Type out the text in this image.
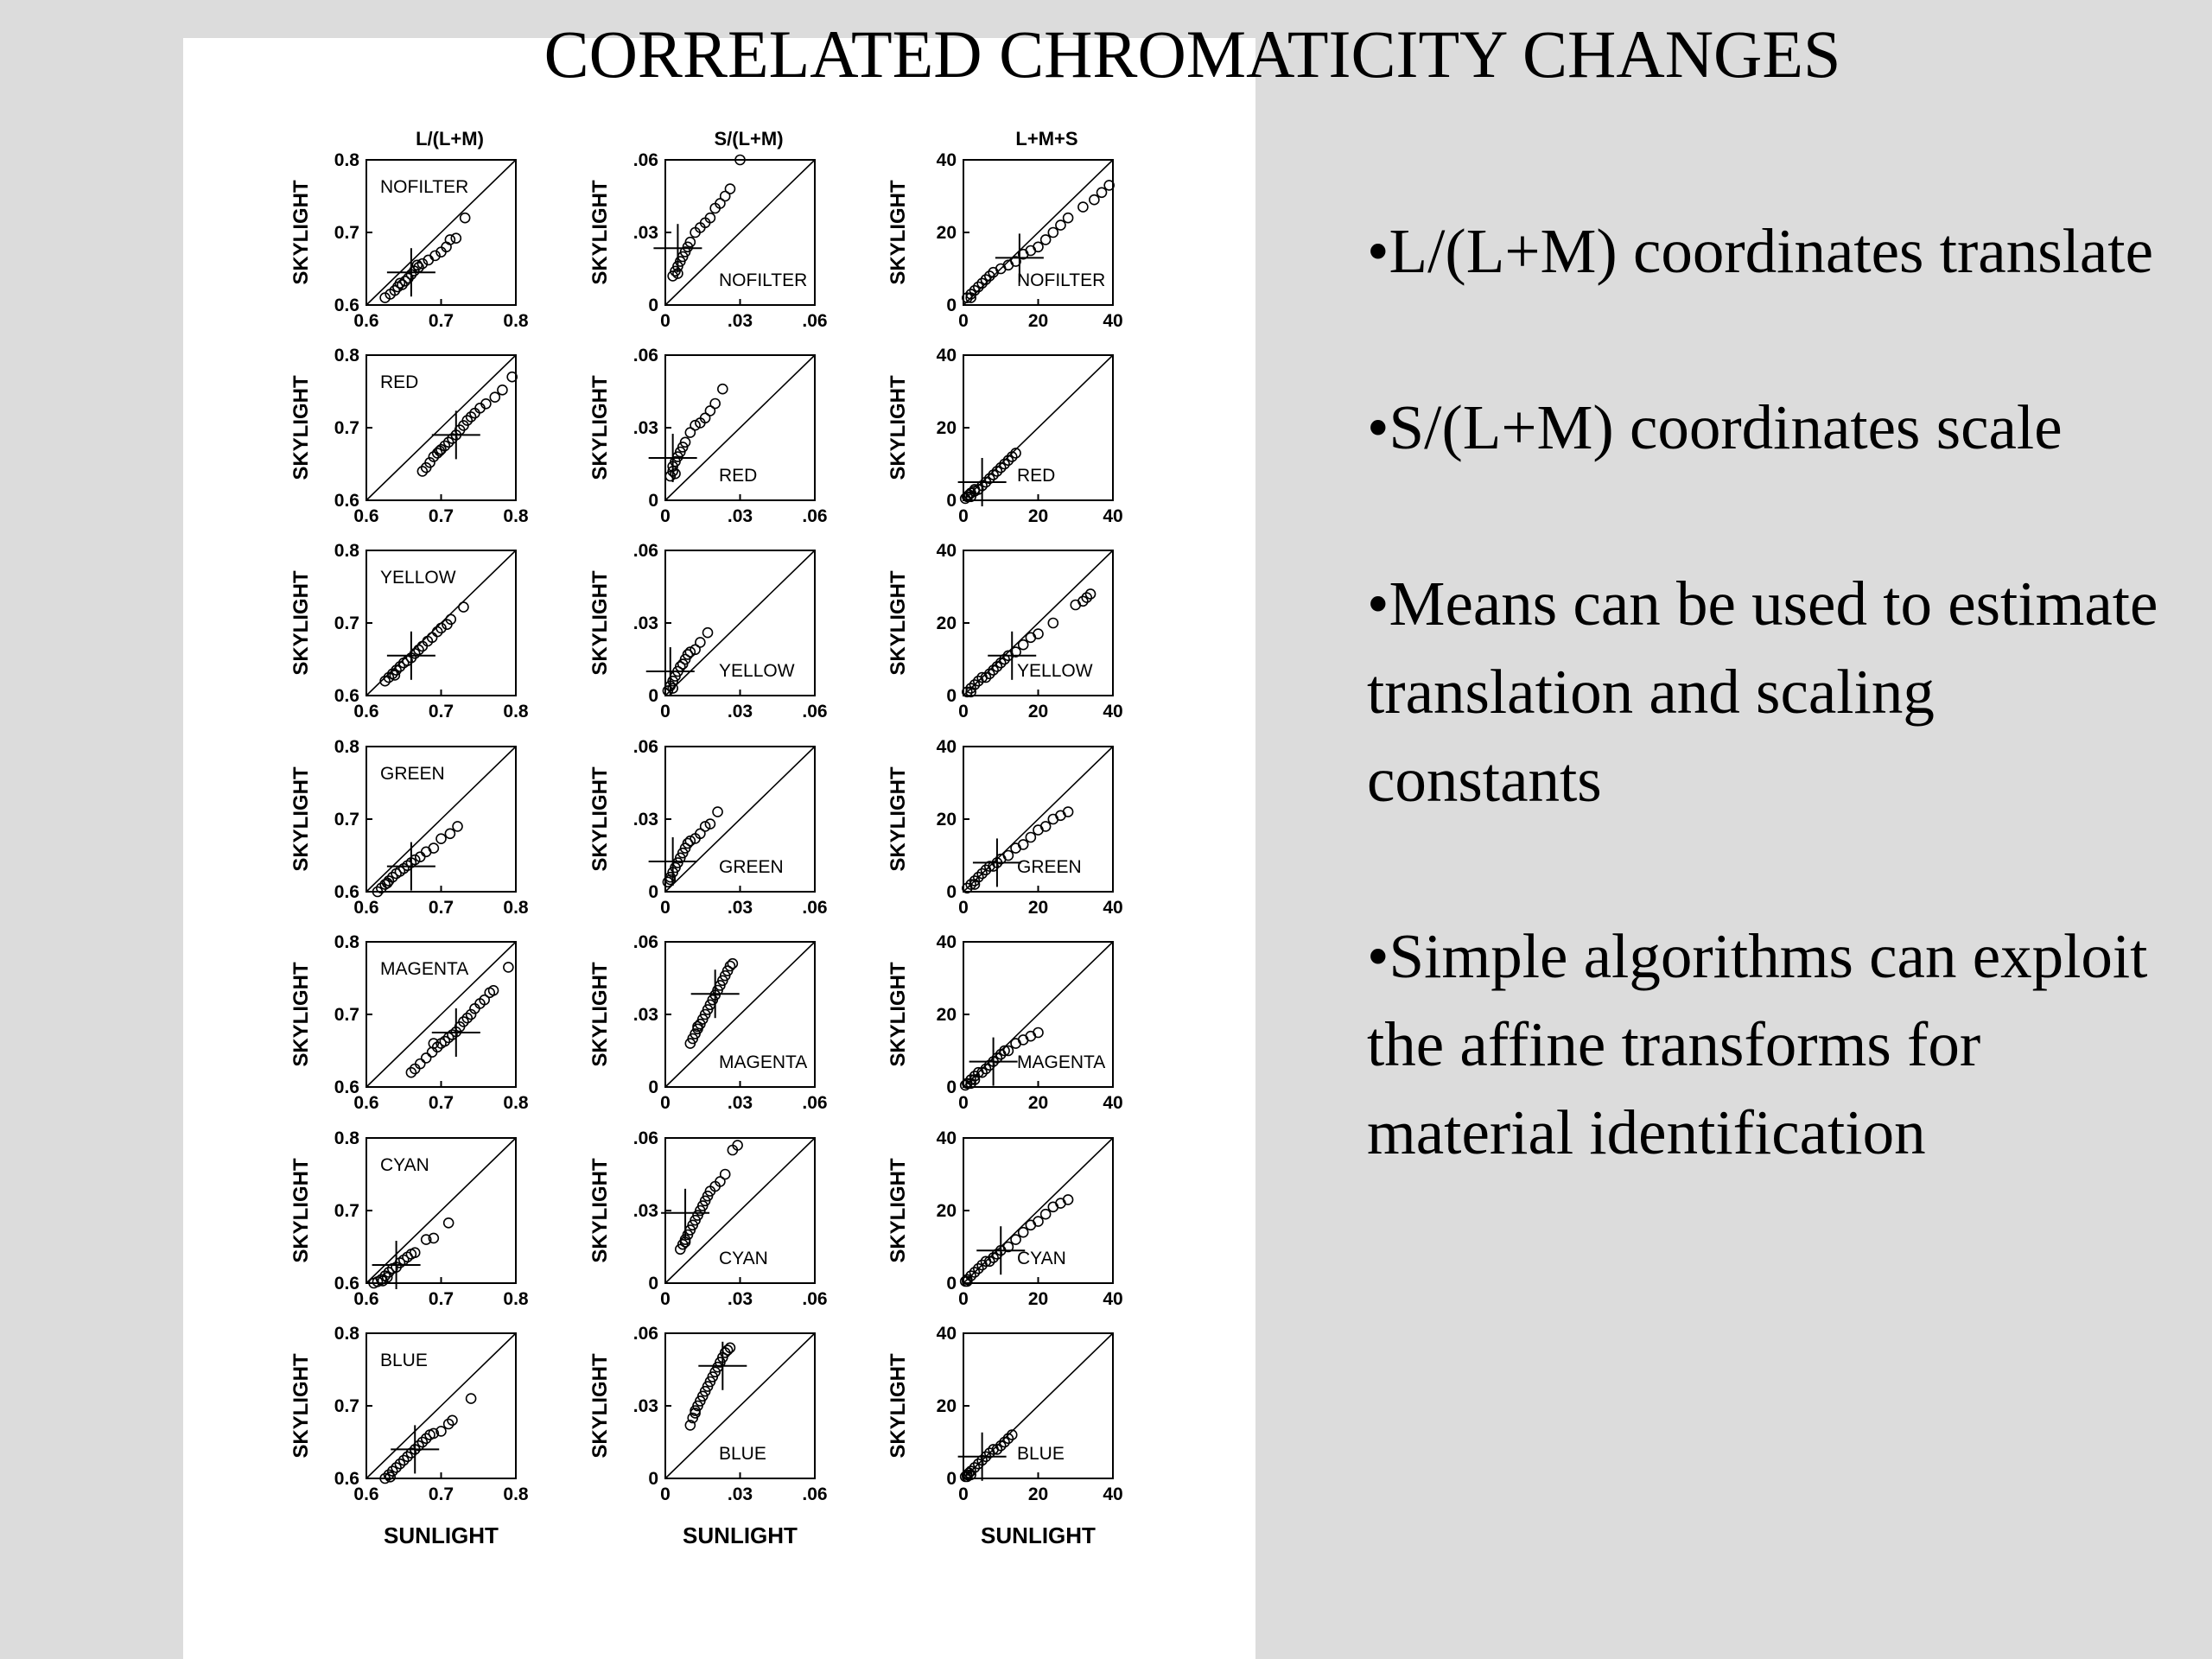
L/(L+M)	S/(L+M)	L+M+S
0.6
0.6
0.7
0.7
0.8
0.8
SKYLIGHT	NOFILTER
0
0
.03
.03
.06
.06
SKYLIGHT	NOFILTER
0
0
20
20
40
40
SKYLIGHT	NOFILTER
0.6
0.6
0.7
0.7
0.8
0.8
SKYLIGHT	RED
0
0
.03
.03
.06
.06
SKYLIGHT	RED
0
0
20
20
40
40
SKYLIGHT	RED
0.6
0.6
0.7
0.7
0.8
0.8
SKYLIGHT	YELLOW
0
0
.03
.03
.06
.06
SKYLIGHT	YELLOW
0
0
20
20
40
40
SKYLIGHT	YELLOW
0.6
0.6
0.7
0.7
0.8
0.8
SKYLIGHT	GREEN
0
0
.03
.03
.06
.06
SKYLIGHT	GREEN
0
0
20
20
40
40
SKYLIGHT	GREEN
0.6
0.6
0.7
0.7
0.8
0.8
SKYLIGHT	MAGENTA
0
0
.03
.03
.06
.06
SKYLIGHT	MAGENTA
0
0
20
20
40
40
SKYLIGHT	MAGENTA
0.6
0.6
0.7
0.7
0.8
0.8
SKYLIGHT	CYAN
0
0
.03
.03
.06
.06
SKYLIGHT	CYAN
0
0
20
20
40
40
SKYLIGHT	CYAN
0.6
0.6
0.7
0.7
0.8
0.8
SKYLIGHT	BLUE
0
0
.03
.03
.06
.06
SKYLIGHT	BLUE
0
0
20
20
40
40
SKYLIGHT	BLUE
SUNLIGHT	SUNLIGHT	SUNLIGHT
CORRELATED CHROMATICITY CHANGES
•L/(L+M) coordinates translate
•S/(L+M) coordinates scale
•Means can be used to estimate translation and scaling constants
•Simple algorithms can exploit the affine transforms for material identification
